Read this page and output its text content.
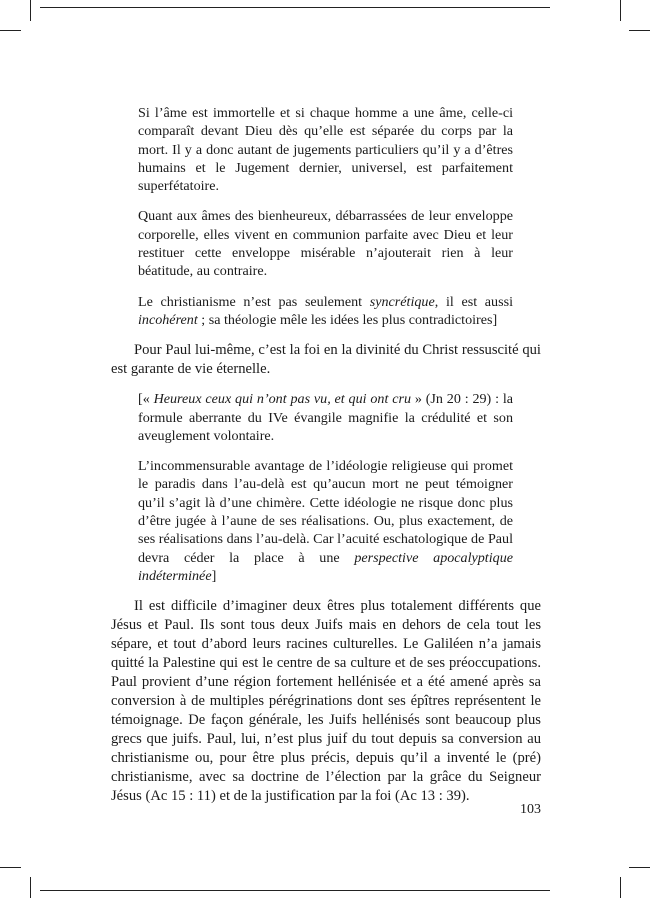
Si l’âme est immortelle et si chaque homme a une âme, celle-ci comparaît devant Dieu dès qu’elle est séparée du corps par la mort. Il y a donc autant de jugements particuliers qu’il y a d’êtres humains et le Jugement dernier, universel, est parfaitement superfétatoire.

Quant aux âmes des bienheureux, débarrassées de leur enveloppe corporelle, elles vivent en communion parfaite avec Dieu et leur restituer cette enveloppe misérable n’ajouterait rien à leur béatitude, au contraire.

Le christianisme n’est pas seulement syncrétique, il est aussi incohérent ; sa théologie mêle les idées les plus contradictoires]

Pour Paul lui-même, c’est la foi en la divinité du Christ ressuscité qui est garante de vie éternelle.

[« Heureux ceux qui n’ont pas vu, et qui ont cru » (Jn 20 : 29) : la formule aberrante du IVe évangile magnifie la crédulité et son aveuglement volontaire.

L’incommensurable avantage de l’idéologie religieuse qui promet le paradis dans l’au-delà est qu’aucun mort ne peut témoigner qu’il s’agit là d’une chimère. Cette idéologie ne risque donc plus d’être jugée à l’aune de ses réalisations. Ou, plus exactement, de ses réalisations dans l’au-delà. Car l’acuité eschatologique de Paul devra céder la place à une perspective apocalyptique indéterminée]

Il est difficile d’imaginer deux êtres plus totalement différents que Jésus et Paul. Ils sont tous deux Juifs mais en dehors de cela tout les sépare, et tout d’abord leurs racines culturelles. Le Galiléen n’a jamais quitté la Palestine qui est le centre de sa culture et de ses préoccupations. Paul provient d’une région fortement hellénisée et a été amené après sa conversion à de multiples pérégrinations dont ses épîtres représentent le témoignage. De façon générale, les Juifs hellénisés sont beaucoup plus grecs que juifs. Paul, lui, n’est plus juif du tout depuis sa conversion au christianisme ou, pour être plus précis, depuis qu’il a inventé le (pré) christianisme, avec sa doctrine de l’élection par la grâce du Seigneur Jésus (Ac 15 : 11) et de la justification par la foi (Ac 13 : 39).

103
